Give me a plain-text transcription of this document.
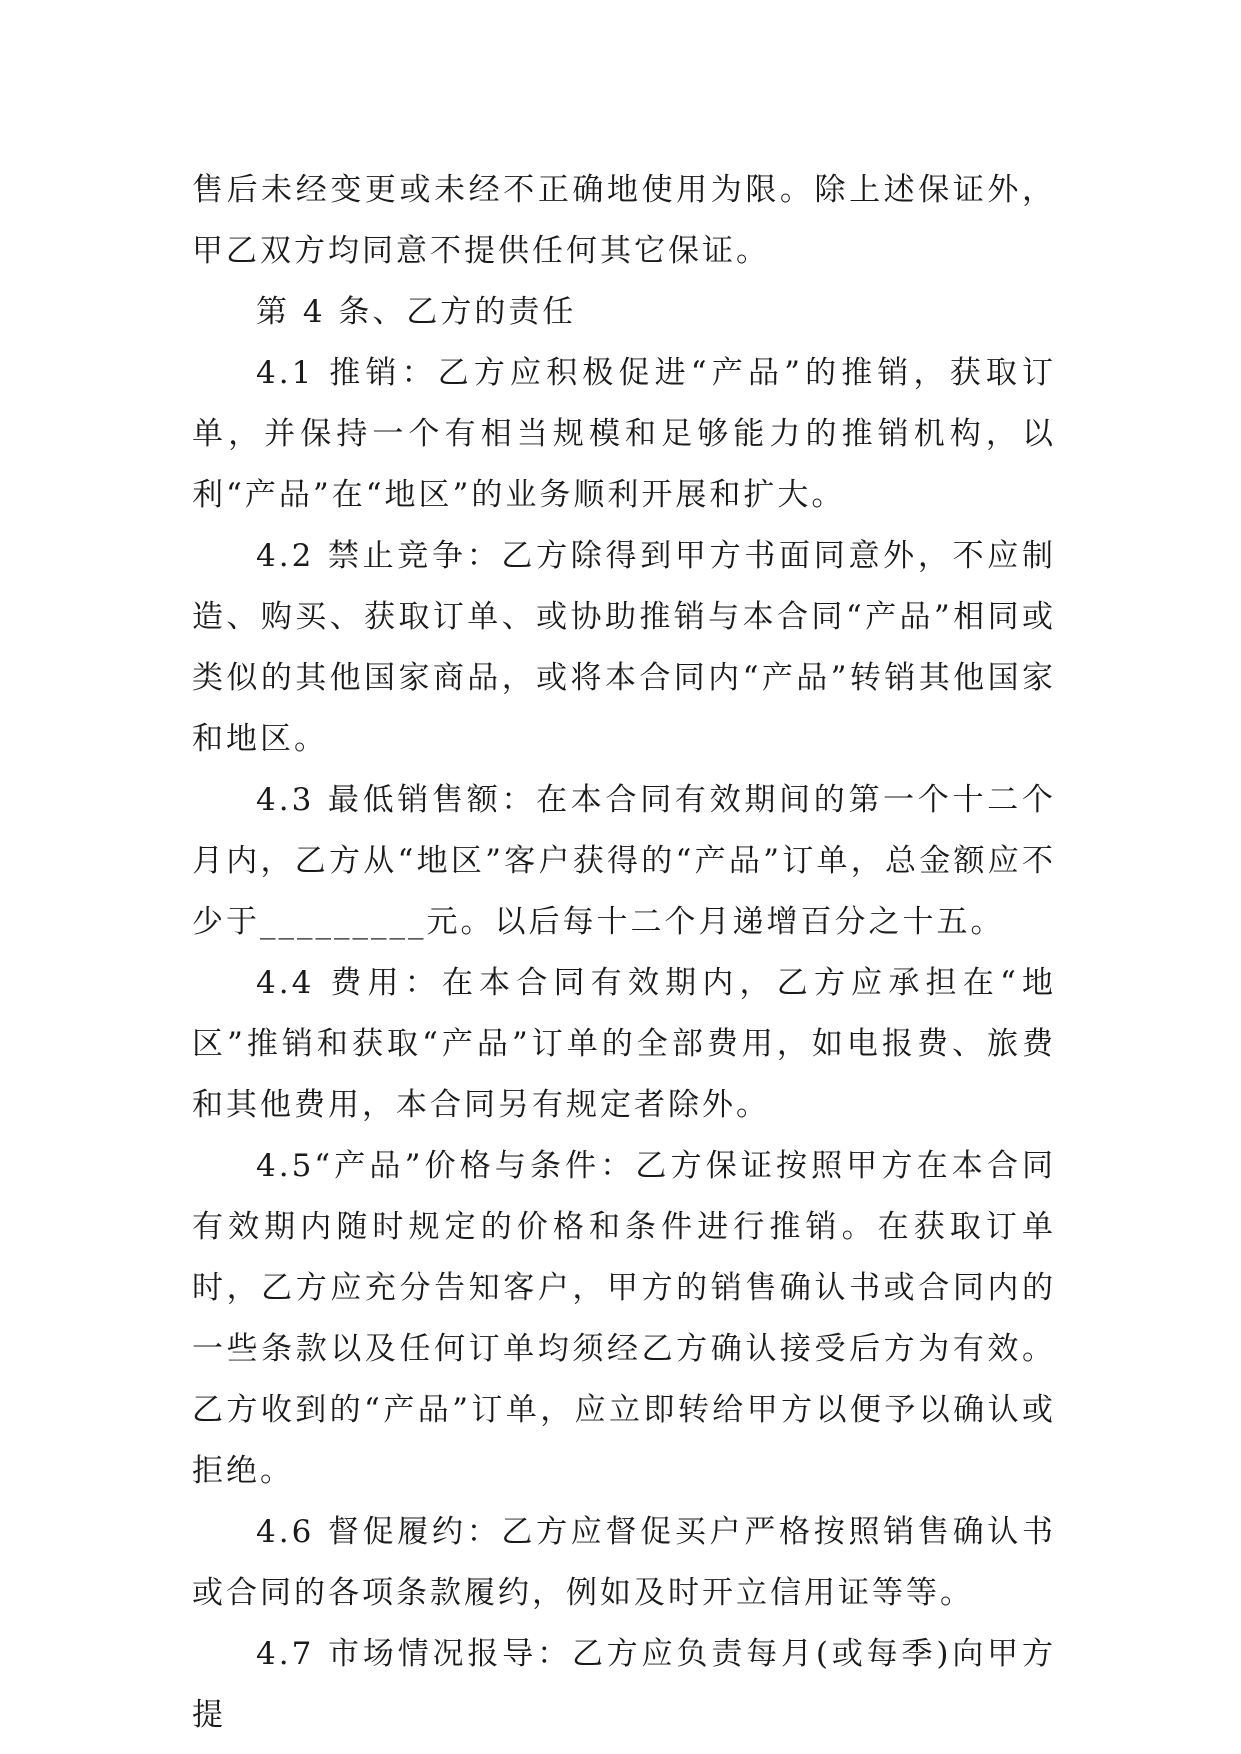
售后未经变更或未经不正确地使用为限。除上述保证外，甲乙双方均同意不提供任何其它保证。

第 4 条、乙方的责任

4.1 推销：乙方应积极促进“产品”的推销，获取订单，并保持一个有相当规模和足够能力的推销机构，以利“产品”在“地区”的业务顺利开展和扩大。

4.2 禁止竞争：乙方除得到甲方书面同意外，不应制造、购买、获取订单、或协助推销与本合同“产品”相同或类似的其他国家商品，或将本合同内“产品”转销其他国家和地区。

4.3 最低销售额：在本合同有效期间的第一个十二个月内，乙方从“地区”客户获得的“产品”订单，总金额应不少于_________元。以后每十二个月递增百分之十五。

4.4 费用：在本合同有效期内，乙方应承担在“地区”推销和获取“产品”订单的全部费用，如电报费、旅费和其他费用，本合同另有规定者除外。

4.5“产品”价格与条件：乙方保证按照甲方在本合同有效期内随时规定的价格和条件进行推销。在获取订单时，乙方应充分告知客户，甲方的销售确认书或合同内的一些条款以及任何订单均须经乙方确认接受后方为有效。乙方收到的“产品”订单，应立即转给甲方以便予以确认或拒绝。

4.6 督促履约：乙方应督促买户严格按照销售确认书或合同的各项条款履约，例如及时开立信用证等等。

4.7 市场情况报导：乙方应负责每月(或每季)向甲方提
